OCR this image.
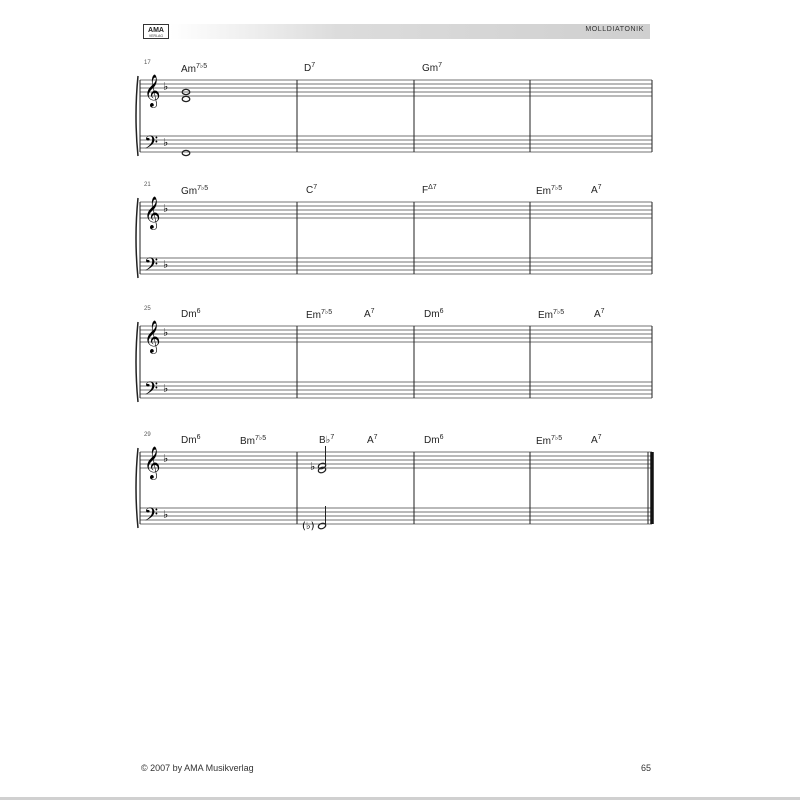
AMA
VERLAG
MOLLDIATONIK
17
$Am^{7♭5}$	$D^7$	Gm$^7$
𝄞
𝄢
♭
♭
21
$Gm^{7♭5}$	$C^7$	$F^{\Delta 7}$	$Em^{7♭5}$	$A^7$
𝄞
𝄢
♭
♭
25	Dm$^6$	$Em^{7♭5}$	$A^7$	Dm$^6$	$Em^{7♭5}$	$A^7$
𝄞
𝄢
♭
♭
29	Dm$^6$	$Bm^{7♭5}$	B♭$^7$	$A^7$	Dm$^6$	$Em^{7♭5}$	$A^7$
𝄞
𝄢
♭
♭
♭
(♭)
© 2007 by AMA Musikverlag	65
